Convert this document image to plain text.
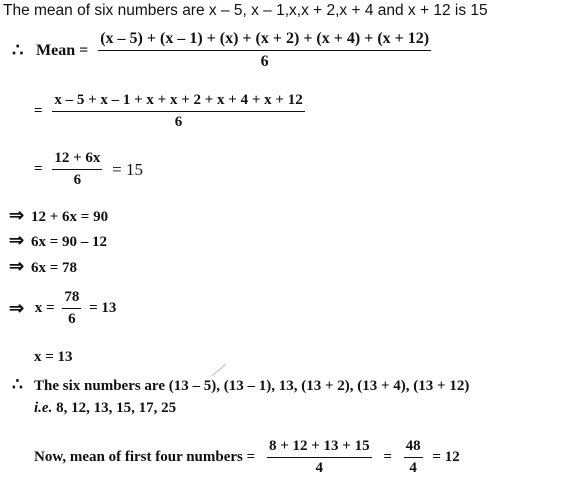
The mean of six numbers are x – 5, x – 1,x,x + 2,x + 4 and x + 12 is 15
∴ Mean = $\frac{(x - 5) + (x - 1) + (x) + (x + 2) + (x + 4) + (x + 12)}{6}$
= $\frac{x - 5 + x - 1 + x + x + 2 + x + 4 + x + 12}{6}$
= $\frac{12 + 6x}{6} = 15$
⇒ 12 + 6x = 90
⇒ 6x = 90 – 12
⇒ 6x = 78
⇒ $x = \frac{78}{6} = 13$
x = 13
∴ The six numbers are (13 – 5), (13 – 1), 13, (13 + 2), (13 + 4), (13 + 12)
i.e. 8, 12, 13, 15, 17, 25
Now, mean of first four numbers = $\frac{8 + 12 + 13 + 15}{4} = \frac{48}{4} = 12$
